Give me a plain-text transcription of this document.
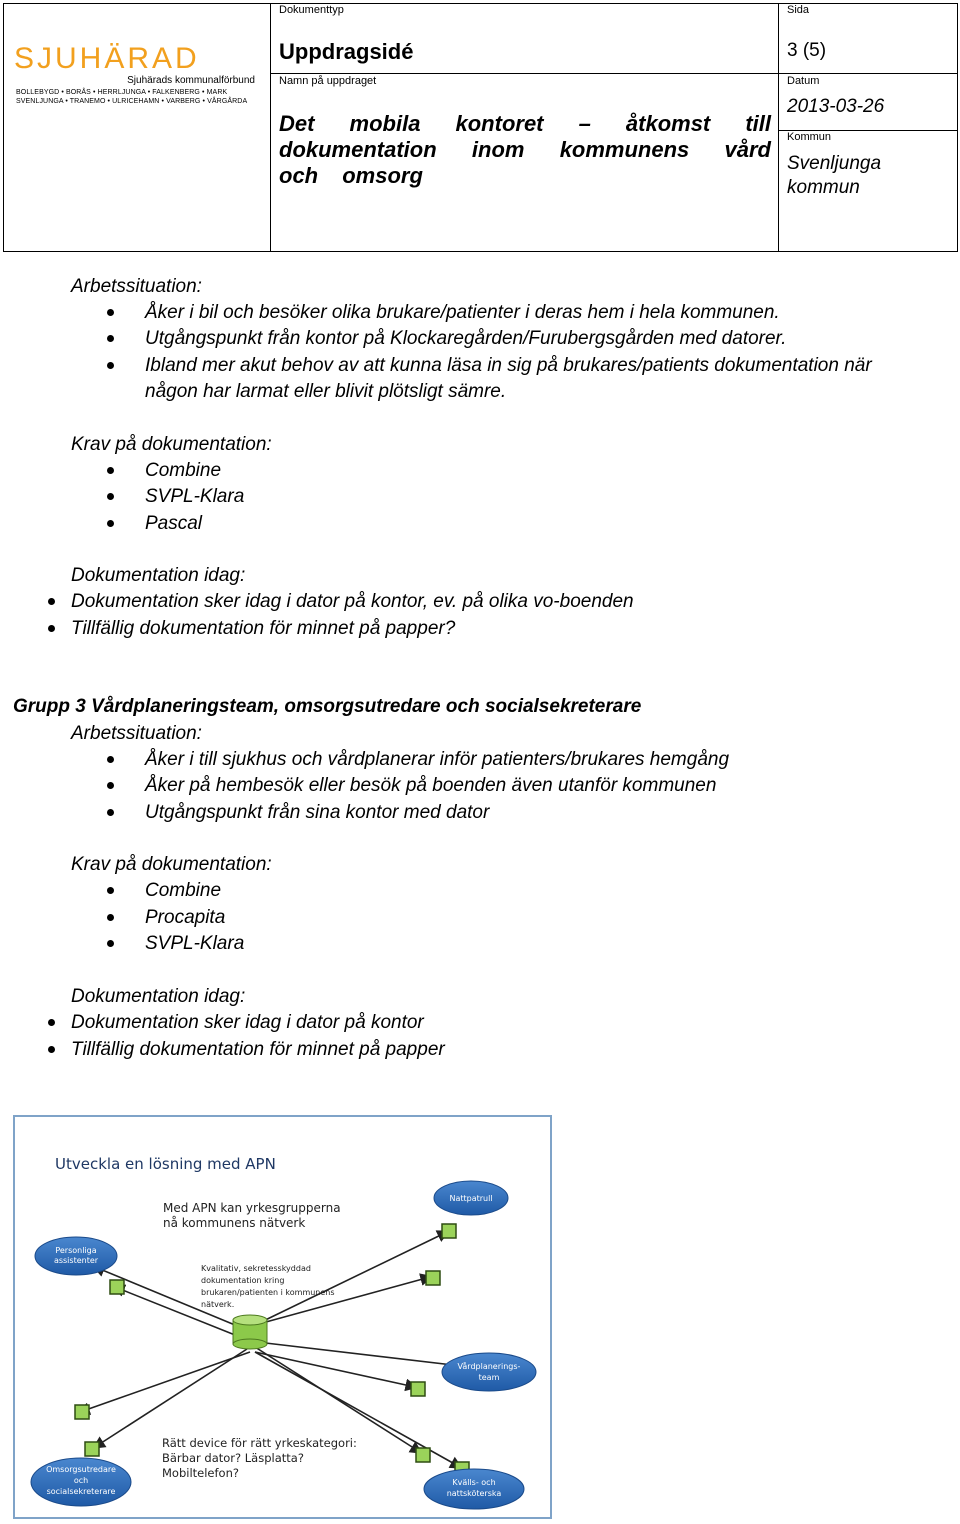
SJUHÄRAD
Sjuhärads kommunalförbund
BOLLEBYGD • BORÅS • HERRLJUNGA • FALKENBERG • MARK
SVENLJUNGA • TRANEMO • ULRICEHAMN • VARBERG • VÅRGÅRDA
Dokumenttyp
Uppdragsidé
Sida
3 (5)
Namn på uppdraget
Det mobila kontoret – åtkomst till dokumentation inom kommunens vård och omsorg
Datum
2013-03-26
Kommun
Svenljunga kommun
Arbetssituation:
Åker i bil och besöker olika brukare/patienter i deras hem i hela kommunen.
Utgångspunkt från kontor på Klockaregården/Furubergsgården med datorer.
Ibland mer akut behov av att kunna läsa in sig på brukares/patients dokumentation när
någon har larmat eller blivit plötsligt sämre.
Krav på dokumentation:
Combine
SVPL-Klara
Pascal
Dokumentation idag:
Dokumentation sker idag i dator på kontor, ev. på olika vo-boenden
Tillfällig dokumentation för minnet på papper?
Grupp 3 Vårdplaneringsteam, omsorgsutredare och socialsekreterare
Arbetssituation:
Åker i till sjukhus och vårdplanerar inför patienters/brukares hemgång
Åker på hembesök eller besök på boenden även utanför kommunen
Utgångspunkt från sina kontor med dator
Krav på dokumentation:
Combine
Procapita
SVPL-Klara
Dokumentation idag:
Dokumentation sker idag i dator på kontor
Tillfällig dokumentation för minnet på papper
Utveckla en lösning med APN
Med APN kan yrkesgrupperna
nå kommunens nätverk
Kvalitativ, sekretesskyddad
dokumentation kring
brukaren/patienten i kommunens
nätverk.
Rätt device för rätt yrkeskategori:
Bärbar dator? Läsplatta?
Mobiltelefon?
Nattpatrull
Personliga
assistenter
Vårdplanerings-
team
Omsorgsutredare
och
socialsekreterare
Kvälls- och
nattsköterska
